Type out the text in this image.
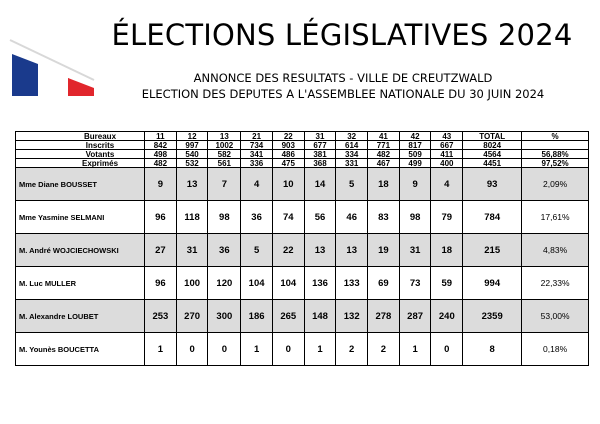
ÉLECTIONS LÉGISLATIVES 2024
ANNONCE DES RESULTATS - VILLE DE CREUTZWALD
ELECTION DES DEPUTES A L'ASSEMBLEE NATIONALE DU 30 JUIN 2024
Bureaux	11	12	13	21	22	31	32	41	42	43	TOTAL	%
Inscrits	842	997	1002	734	903	677	614	771	817	667	8024	
Votants	498	540	582	341	486	381	334	482	509	411	4564	56,88%
Exprimés	482	532	561	336	475	368	331	467	499	400	4451	97,52%
Mme Diane BOUSSET	9	13	7	4	10	14	5	18	9	4	93	2,09%
Mme Yasmine SELMANI	96	118	98	36	74	56	46	83	98	79	784	17,61%
M. André WOJCIECHOWSKI	27	31	36	5	22	13	13	19	31	18	215	4,83%
M. Luc MULLER	96	100	120	104	104	136	133	69	73	59	994	22,33%
M. Alexandre LOUBET	253	270	300	186	265	148	132	278	287	240	2359	53,00%
M. Younès BOUCETTA	1	0	0	1	0	1	2	2	1	0	8	0,18%
